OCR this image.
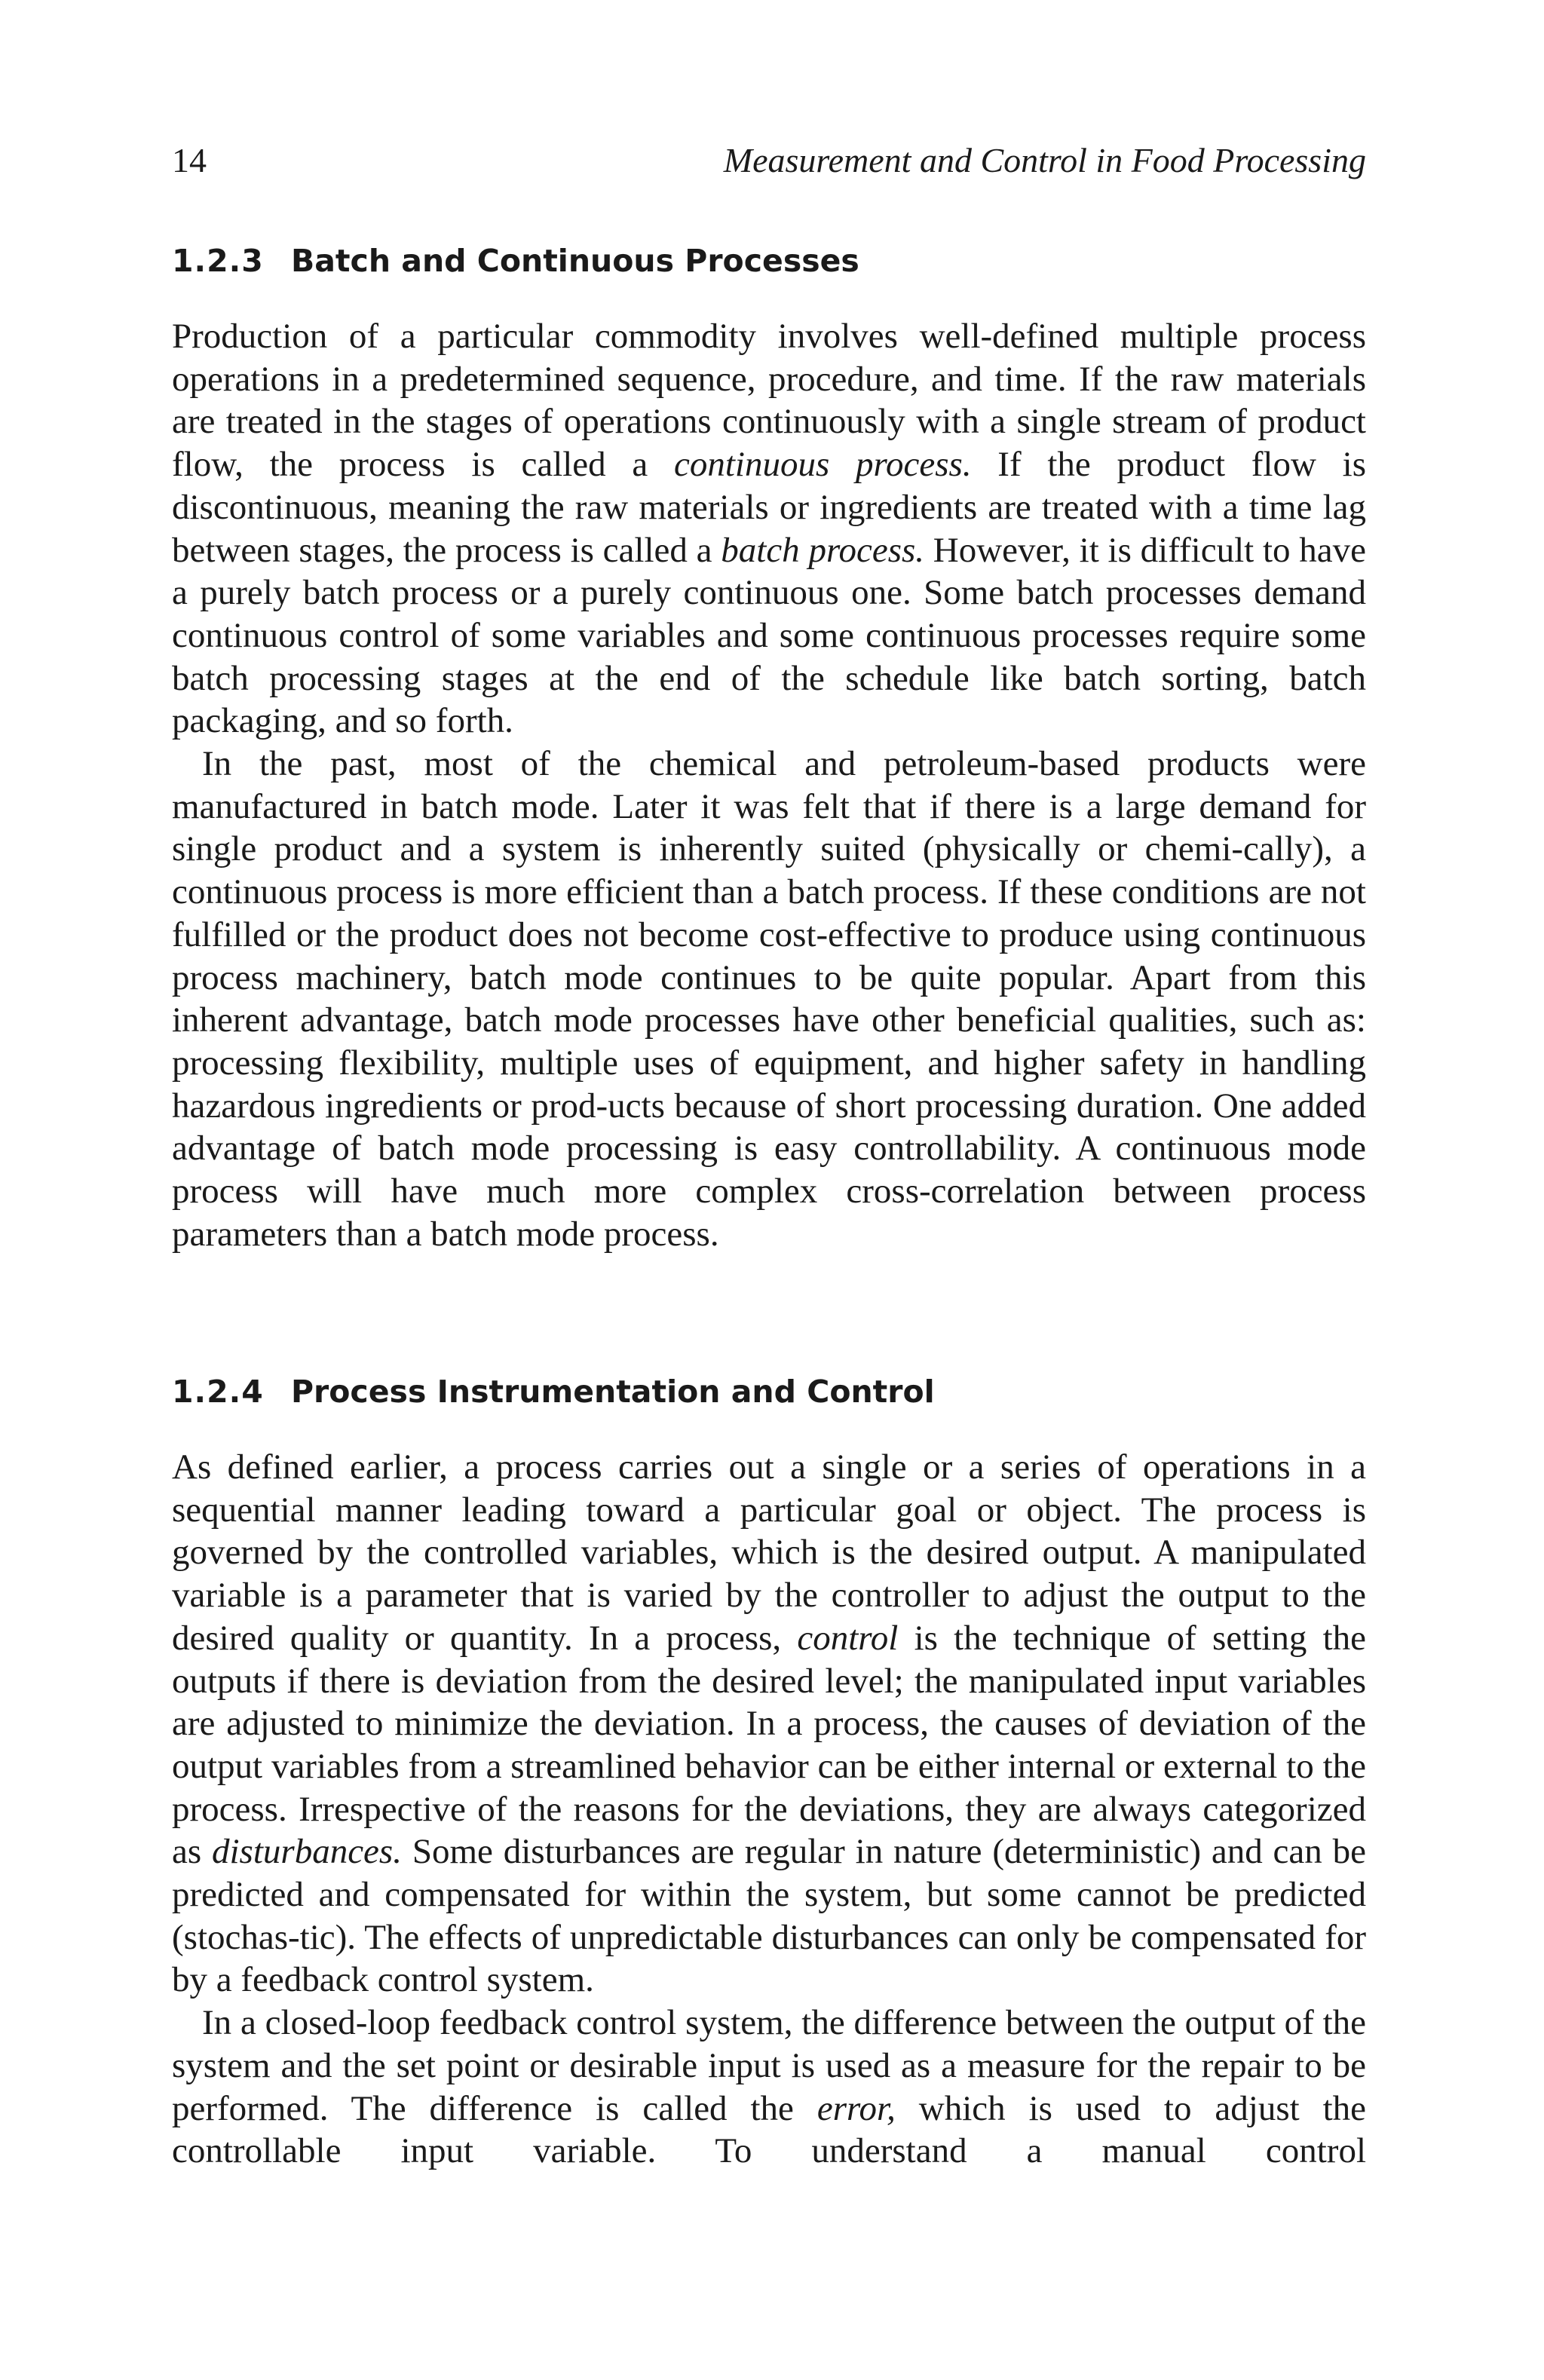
14	Measurement and Control in Food Processing
1.2.3 Batch and Continuous Processes

Production of a particular commodity involves well-defined multiple process operations in a predetermined sequence, procedure, and time. If the raw materials are treated in the stages of operations continuously with a single stream of product flow, the process is called a continuous process. If the product flow is discontinuous, meaning the raw materials or ingredients are treated with a time lag between stages, the process is called a batch process. However, it is difficult to have a purely batch process or a purely continuous one. Some batch processes demand continuous control of some variables and some continuous processes require some batch processing stages at the end of the schedule like batch sorting, batch packaging, and so forth.

In the past, most of the chemical and petroleum-based products were manufactured in batch mode. Later it was felt that if there is a large demand for single product and a system is inherently suited (physically or chemi-cally), a continuous process is more efficient than a batch process. If these conditions are not fulfilled or the product does not become cost-effective to produce using continuous process machinery, batch mode continues to be quite popular. Apart from this inherent advantage, batch mode processes have other beneficial qualities, such as: processing flexibility, multiple uses of equipment, and higher safety in handling hazardous ingredients or prod-ucts because of short processing duration. One added advantage of batch mode processing is easy controllability. A continuous mode process will have much more complex cross-correlation between process parameters than a batch mode process.

1.2.4 Process Instrumentation and Control

As defined earlier, a process carries out a single or a series of operations in a sequential manner leading toward a particular goal or object. The process is governed by the controlled variables, which is the desired output. A manipulated variable is a parameter that is varied by the controller to adjust the output to the desired quality or quantity. In a process, control is the technique of setting the outputs if there is deviation from the desired level; the manipulated input variables are adjusted to minimize the deviation. In a process, the causes of deviation of the output variables from a streamlined behavior can be either internal or external to the process. Irrespective of the reasons for the deviations, they are always categorized as disturbances. Some disturbances are regular in nature (deterministic) and can be predicted and compensated for within the system, but some cannot be predicted (stochas-tic). The effects of unpredictable disturbances can only be compensated for by a feedback control system.

In a closed-loop feedback control system, the difference between the output of the system and the set point or desirable input is used as a measure for the repair to be performed. The difference is called the error, which is used to adjust the controllable input variable. To understand a manual control
